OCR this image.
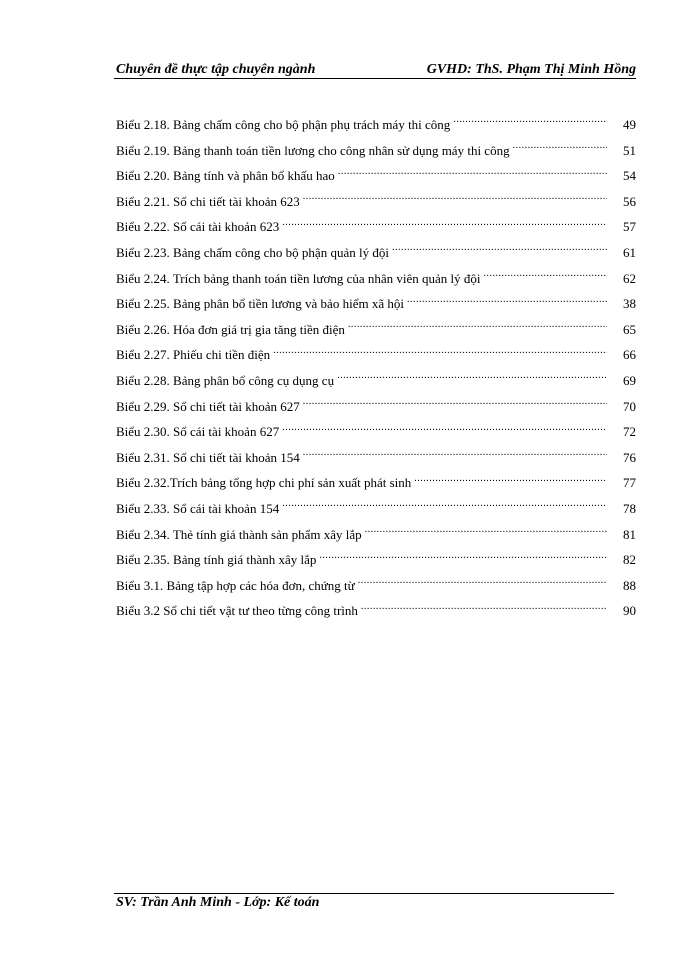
Chuyên đề thực tập chuyên ngành	GVHD: ThS. Phạm Thị Minh Hồng
Biểu 2.18. Bảng chấm công cho bộ phận phụ trách máy thi công .....	49
Biểu 2.19. Bảng thanh toán tiền lương cho công nhân sử dụng máy thi công .....	51
Biểu 2.20. Bảng tính và phân bổ khấu hao .....	54
Biểu 2.21. Sổ chi tiết tài khoản 623 .....	56
Biểu 2.22. Sổ cái tài khoản 623 .....	57
Biểu 2.23. Bảng chấm công cho bộ phận quản lý đội .....	61
Biểu 2.24. Trích bảng thanh toán tiền lương của nhân viên quản lý đội .....	62
Biểu 2.25. Bảng phân bổ tiền lương và bảo hiểm xã hội .....	38
Biểu 2.26. Hóa đơn giá trị gia tăng tiền điện .....	65
Biểu 2.27. Phiếu chi tiền điện .....	66
Biểu 2.28. Bảng phân bổ công cụ dụng cụ .....	69
Biểu 2.29. Sổ chi tiết tài khoản 627 .....	70
Biểu 2.30. Sổ cái tài khoản 627 .....	72
Biểu 2.31. Sổ chi tiết tài khoản 154 .....	76
Biểu 2.32.Trích bảng tổng hợp chi phí sản xuất phát sinh .....	77
Biểu 2.33. Sổ cái tài khoản 154 .....	78
Biểu 2.34. Thẻ tính giá thành sản phẩm xây lắp .....	81
Biểu 2.35. Bảng tính giá thành xây lắp .....	82
Biểu 3.1. Bảng tập hợp các hóa đơn, chứng từ .....	88
Biểu 3.2 Sổ chi tiết vật tư theo từng công trình .....	90
SV: Trần Anh Minh - Lớp: Kế toán
